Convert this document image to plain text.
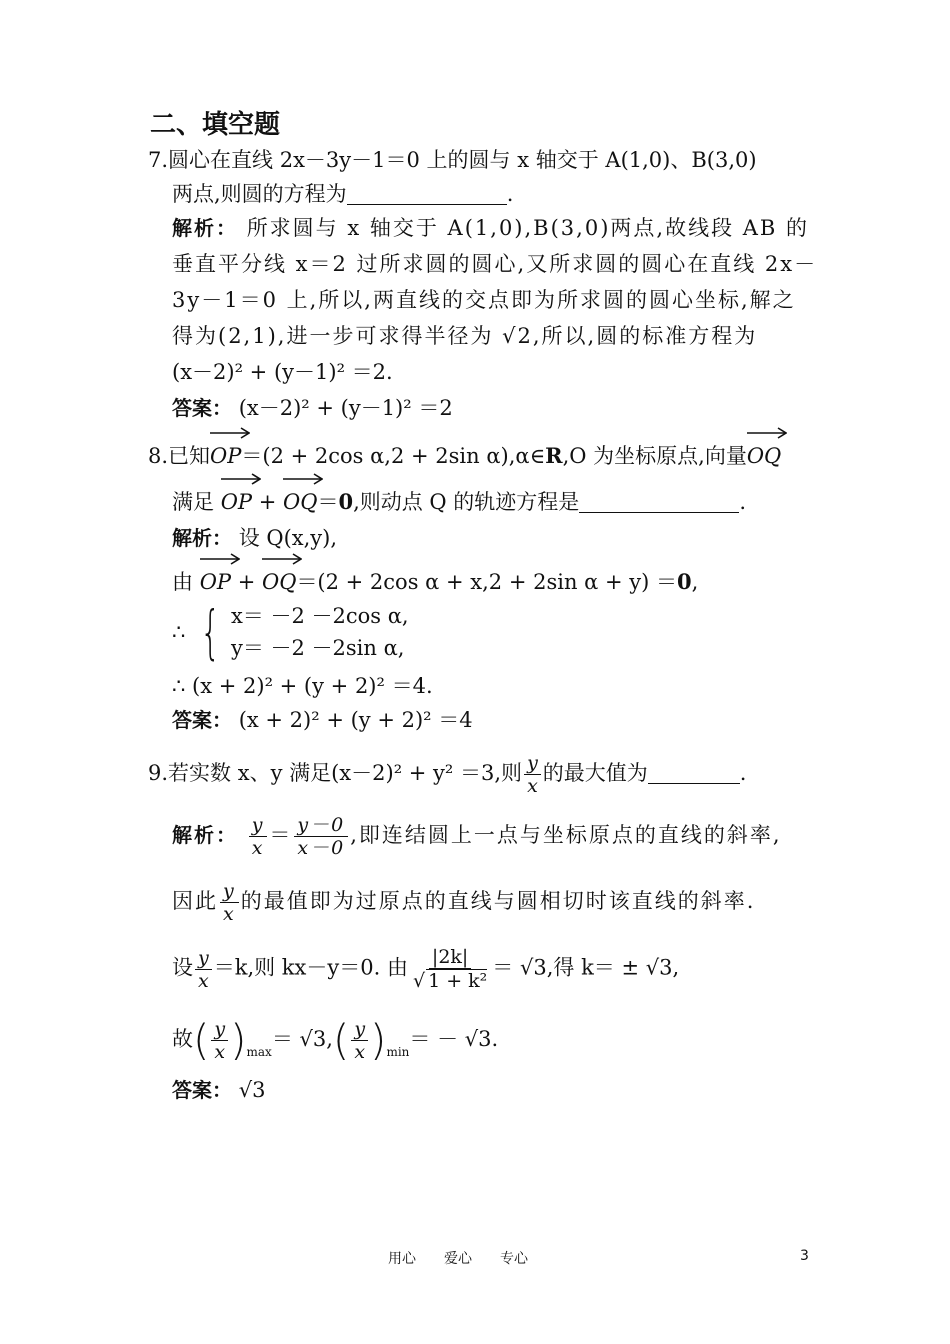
二、填空题
7.圆心在直线 2x－3y－1＝0 上的圆与 x 轴交于 A(1,0)、B(3,0)
两点,则圆的方程为	.
解析： 所求圆与 x 轴交于 A(1,0),B(3,0)两点,故线段 AB 的
垂直平分线 x＝2 过所求圆的圆心,又所求圆的圆心在直线 2x－
3y－1＝0 上,所以,两直线的交点即为所求圆的圆心坐标,解之
得为(2,1),进一步可求得半径为 √2,所以,圆的标准方程为
(x－2)² + (y－1)² ＝2.
答案： (x－2)² + (y－1)² ＝2
8.已知
OP＝(2 + 2cos α,2 + 2sin α),α∈R,O 为坐标原点,向量
OQ
满足 OP +
OQ＝0,则动点 Q 的轨迹方程是	.
解析： 设 Q(x,y),
由 OP +
OQ＝(2 + 2cos α + x,2 + 2sin α + y) ＝0,
∴ { x＝ －2 －2cos α,
y＝ －2 －2sin α,
∴ (x + 2)² + (y + 2)² ＝4.
答案： (x + 2)² + (y + 2)² ＝4
9.若实数 x、y 满足(x－2)² + y² ＝3,则 $\frac{y}{x}$ 的最大值为	.
解析： $\frac{y}{x} = \frac{y-0}{x-0}$ ,即连结圆上一点与坐标原点的直线的斜率,
因此 $\frac{y}{x}$ 的最值即为过原点的直线与圆相切时该直线的斜率.
设 $\frac{y}{x} =k$,则 kx－y＝0. 由 $\frac{|2k|}{\text{√ 1 + k²}} = √3$,得 k＝ ± √3,
故( $\frac{y}{x} )_{max}= √3,( \frac{y}{x} )_{min}= - √3$.
答案： √3
用心　　爱心　　专心	3
